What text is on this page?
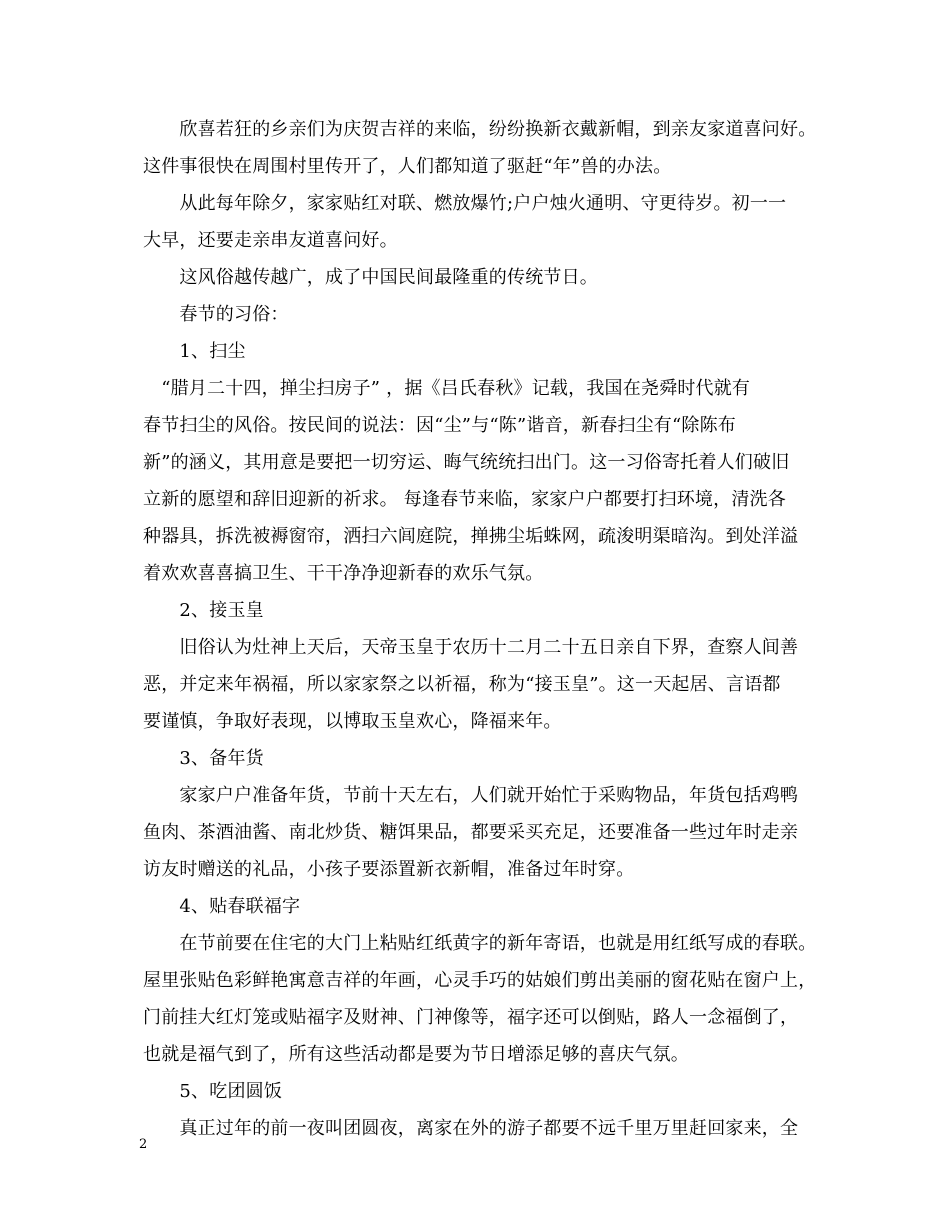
　　欣喜若狂的乡亲们为庆贺吉祥的来临，纷纷换新衣戴新帽，到亲友家道喜问好。
这件事很快在周围村里传开了，人们都知道了驱赶“年”兽的办法。
　　从此每年除夕，家家贴红对联、燃放爆竹;户户烛火通明、守更待岁。初一一
大早，还要走亲串友道喜问好。
　　这风俗越传越广，成了中国民间最隆重的传统节日。
　　春节的习俗：
　　1、扫尘
　“腊月二十四，掸尘扫房子” ，据《吕氏春秋》记载，我国在尧舜时代就有
春节扫尘的风俗。按民间的说法：因“尘”与“陈”谐音，新春扫尘有“除陈布
新”的涵义，其用意是要把一切穷运、晦气统统扫出门。这一习俗寄托着人们破旧
立新的愿望和辞旧迎新的祈求。 每逢春节来临，家家户户都要打扫环境，清洗各
种器具，拆洗被褥窗帘，洒扫六闾庭院，掸拂尘垢蛛网，疏浚明渠暗沟。到处洋溢
着欢欢喜喜搞卫生、干干净净迎新春的欢乐气氛。
　　2、接玉皇
　　旧俗认为灶神上天后，天帝玉皇于农历十二月二十五日亲自下界，查察人间善
恶，并定来年祸福，所以家家祭之以祈福，称为“接玉皇”。这一天起居、言语都
要谨慎，争取好表现，以博取玉皇欢心，降福来年。
　　3、备年货
　　家家户户准备年货，节前十天左右，人们就开始忙于采购物品，年货包括鸡鸭
鱼肉、茶酒油酱、南北炒货、糖饵果品，都要采买充足，还要准备一些过年时走亲
访友时赠送的礼品，小孩子要添置新衣新帽，准备过年时穿。
　　4、贴春联福字
　　在节前要在住宅的大门上粘贴红纸黄字的新年寄语，也就是用红纸写成的春联。
屋里张贴色彩鲜艳寓意吉祥的年画，心灵手巧的姑娘们剪出美丽的窗花贴在窗户上，
门前挂大红灯笼或贴福字及财神、门神像等，福字还可以倒贴，路人一念福倒了，
也就是福气到了，所有这些活动都是要为节日增添足够的喜庆气氛。
　　5、吃团圆饭
　　真正过年的前一夜叫团圆夜，离家在外的游子都要不远千里万里赶回家来，全
2
